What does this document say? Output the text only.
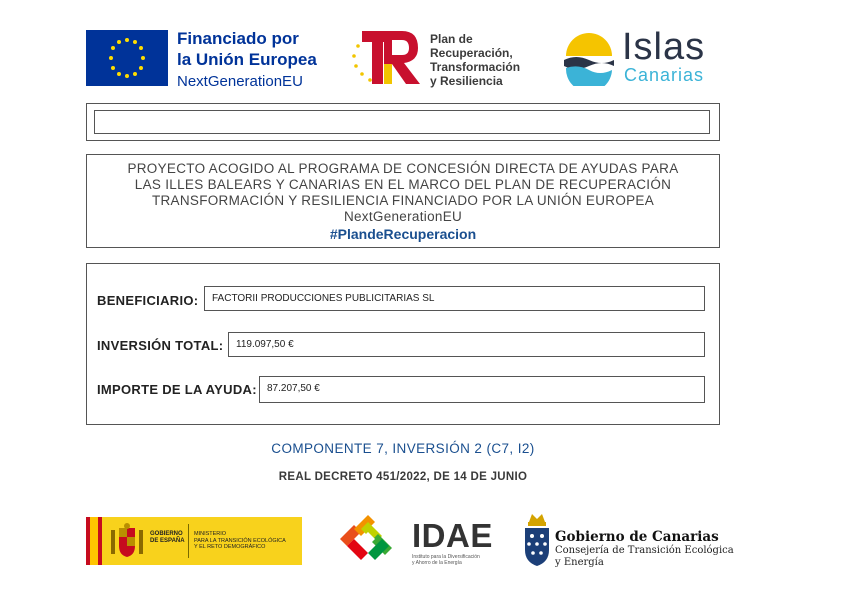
Financiado por
la Unión Europea
NextGenerationEU
Plan de
Recuperación,
Transformación
y Resiliencia
Islas
Canarias
PROYECTO ACOGIDO AL PROGRAMA DE CONCESIÓN DIRECTA DE AYUDAS PARA
LAS ILLES BALEARS Y CANARIAS EN EL MARCO DEL PLAN DE RECUPERACIÓN
TRANSFORMACIÓN Y RESILIENCIA FINANCIADO POR LA UNIÓN EUROPEA
NextGenerationEU
#PlandeRecuperacion
BENEFICIARIO:	FACTORII PRODUCCIONES PUBLICITARIAS SL
INVERSIÓN TOTAL:	119.097,50 €
IMPORTE DE LA AYUDA:	87.207,50 €
COMPONENTE 7, INVERSIÓN 2 (C7, I2)
REAL DECRETO 451/2022, DE 14 DE JUNIO
GOBIERNO
DE ESPAÑA
MINISTERIO
PARA LA TRANSICIÓN ECOLÓGICA
Y EL RETO DEMOGRÁFICO	IDAE
Instituto para la Diversificación
y Ahorro de la Energía
Gobierno de Canarias
Consejería de Transición Ecológica
y Energía
